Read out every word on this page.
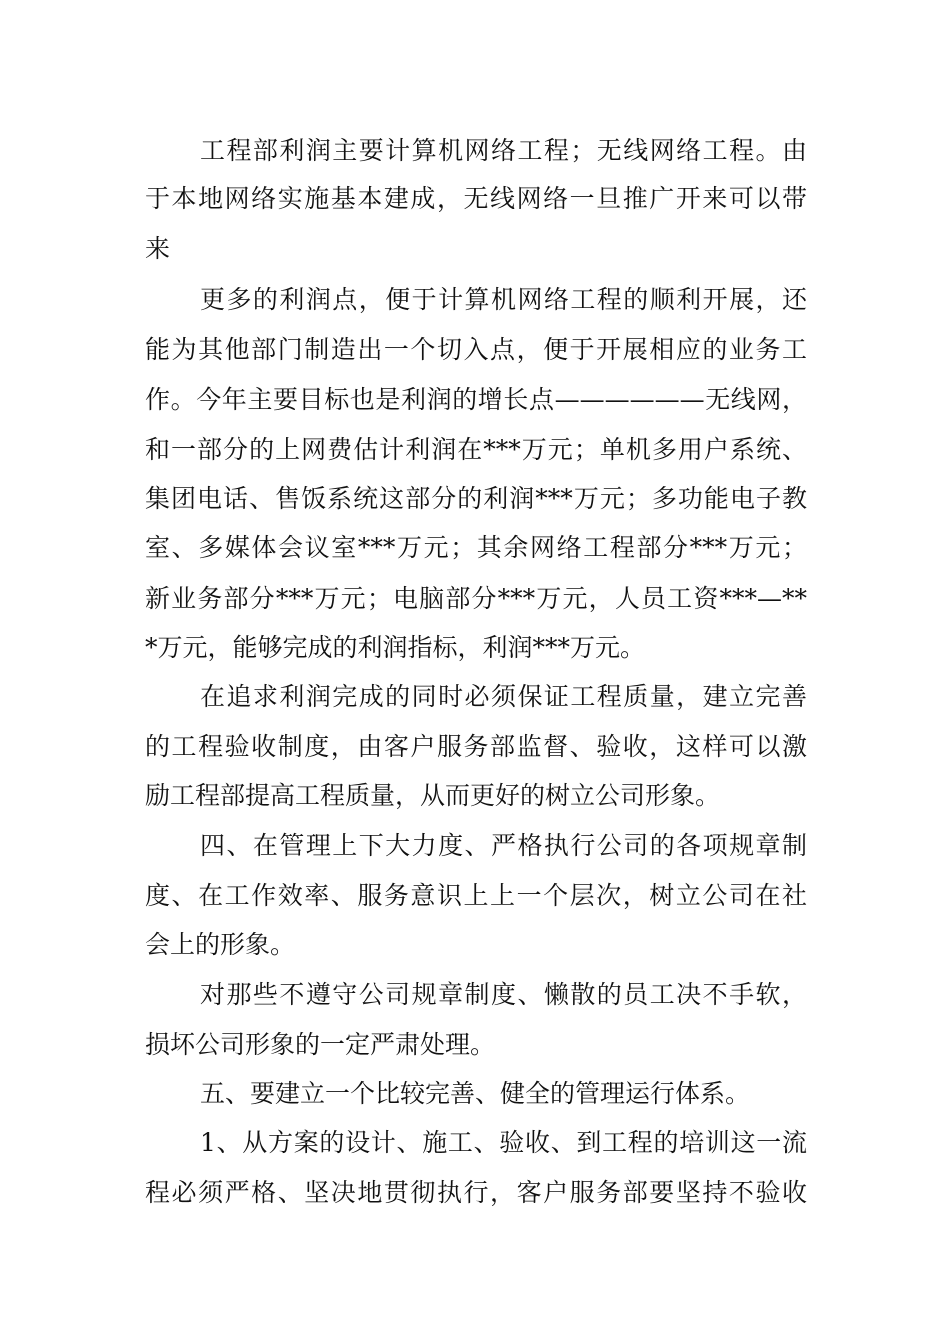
工程部利润主要计算机网络工程；无线网络工程。由
于本地网络实施基本建成，无线网络一旦推广开来可以带
来
更多的利润点，便于计算机网络工程的顺利开展，还
能为其他部门制造出一个切入点，便于开展相应的业务工
作。今年主要目标也是利润的增长点——————无线网，
和一部分的上网费估计利润在***万元；单机多用户系统、
集团电话、售饭系统这部分的利润***万元；多功能电子教
室、多媒体会议室***万元；其余网络工程部分***万元；
新业务部分***万元；电脑部分***万元，人员工资***—**
*万元，能够完成的利润指标，利润***万元。
在追求利润完成的同时必须保证工程质量，建立完善
的工程验收制度，由客户服务部监督、验收，这样可以激
励工程部提高工程质量，从而更好的树立公司形象。
四、在管理上下大力度、严格执行公司的各项规章制
度、在工作效率、服务意识上上一个层次，树立公司在社
会上的形象。
对那些不遵守公司规章制度、懒散的员工决不手软，
损坏公司形象的一定严肃处理。
五、要建立一个比较完善、健全的管理运行体系。
1、从方案的设计、施工、验收、到工程的培训这一流
程必须严格、坚决地贯彻执行，客户服务部要坚持不验收
